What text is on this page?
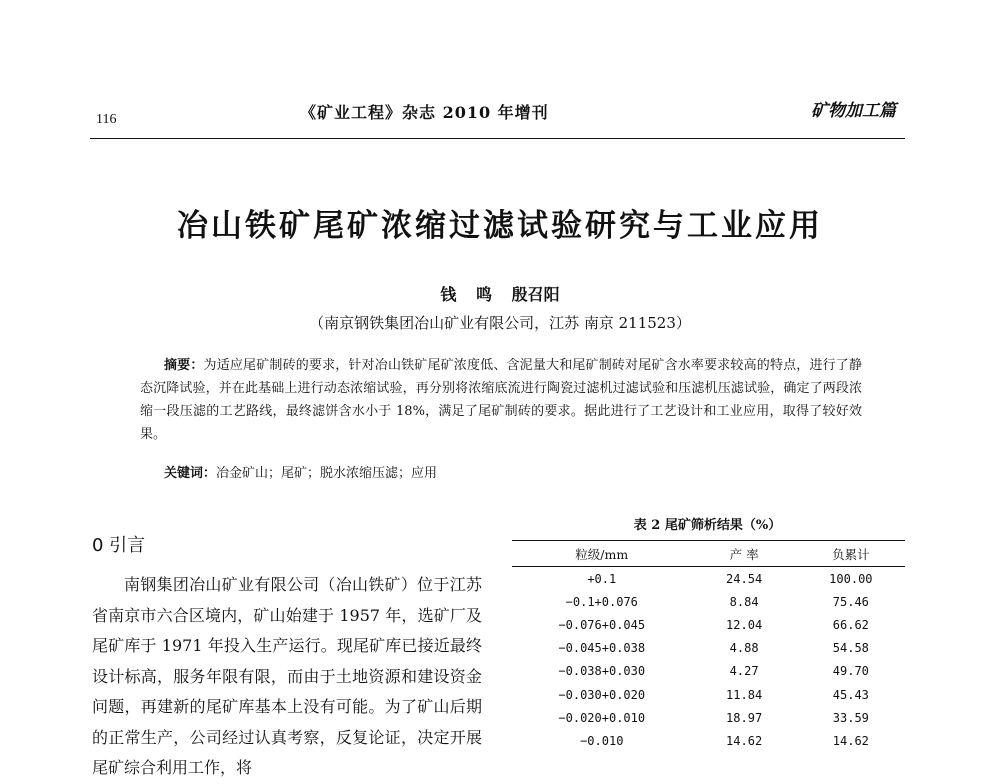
116	《矿业工程》杂志 2010 年增刊	矿物加工篇
冶山铁矿尾矿浓缩过滤试验研究与工业应用
钱 鸣 殷召阳
（南京钢铁集团冶山矿业有限公司，江苏 南京 211523）

摘要：为适应尾矿制砖的要求，针对冶山铁矿尾矿浓度低、含泥量大和尾矿制砖对尾矿含水率要求较高的特点，进行了静态沉降试验，并在此基础上进行动态浓缩试验，再分别将浓缩底流进行陶瓷过滤机过滤试验和压滤机压滤试验，确定了两段浓缩一段压滤的工艺路线，最终滤饼含水小于 18%，满足了尾矿制砖的要求。据此进行了工艺设计和工业应用，取得了较好效果。

关键词：冶金矿山；尾矿；脱水浓缩压滤；应用
0 引言

南钢集团冶山矿业有限公司（冶山铁矿）位于江苏省南京市六合区境内，矿山始建于 1957 年，选矿厂及尾矿库于 1971 年投入生产运行。现尾矿库已接近最终设计标高，服务年限有限，而由于土地资源和建设资金问题，再建新的尾矿库基本上没有可能。为了矿山后期的正常生产，公司经过认真考察，反复论证，决定开展尾矿综合利用工作，将

表 2 尾矿筛析结果（%）
粒级/mm	产 率	负累计
+0.1	24.54	100.00
−0.1+0.076	8.84	75.46
−0.076+0.045	12.04	66.62
−0.045+0.038	4.88	54.58
−0.038+0.030	4.27	49.70
−0.030+0.020	11.84	45.43
−0.020+0.010	18.97	33.59
−0.010	14.62	14.62
